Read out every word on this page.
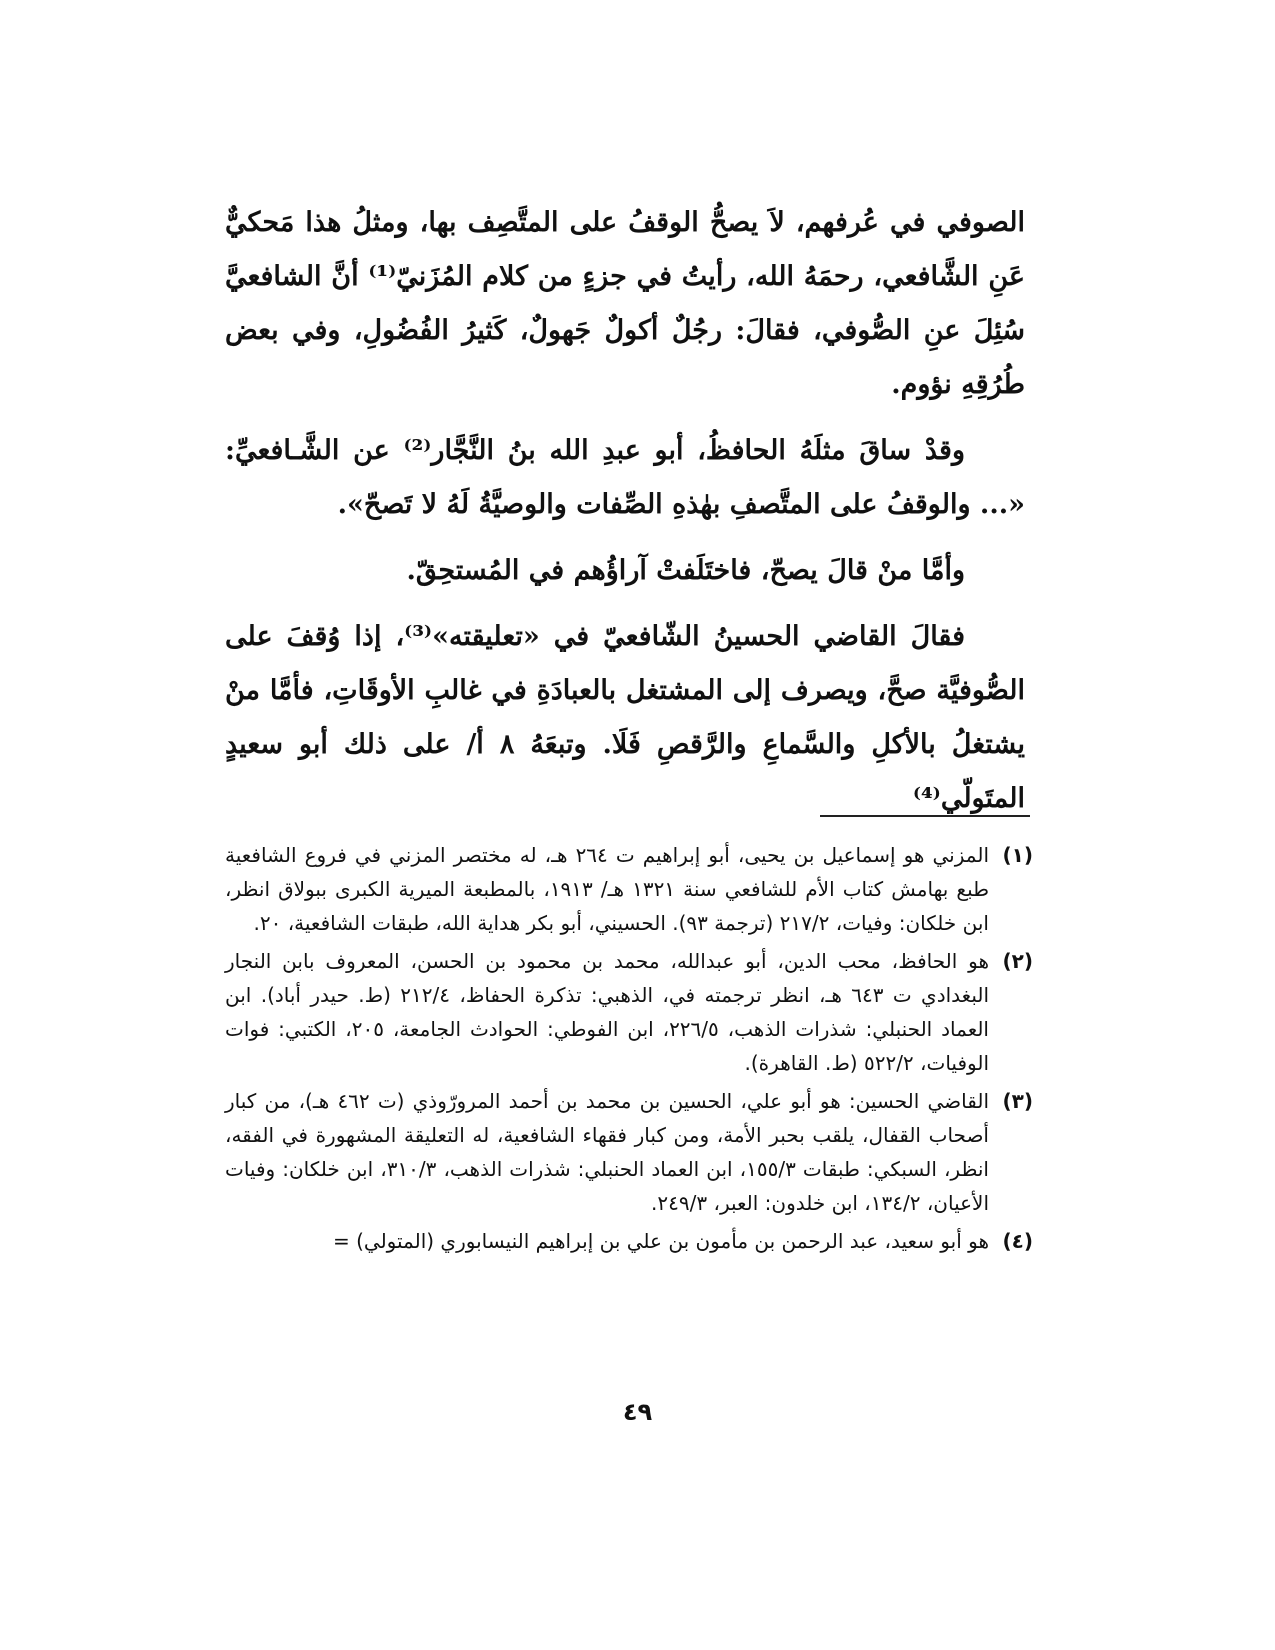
الصوفي في عُرفهم، لاَ يصحُّ الوقفُ على المتَّصِف بها، ومثلُ هذا مَحكيٌّ عَنِ الشَّافعي، رحمَهُ الله، رأيتُ في جزءٍ من كلام المُزَنيّ⁽¹⁾ أنَّ الشافعيَّ سُئِلَ عنِ الصُّوفي، فقالَ: رجُلٌ أكولٌ جَهولٌ، كَثيرُ الفُضُولِ، وفي بعض طُرُقِهِ نؤوم.

وقدْ ساقَ مثلَهُ الحافظُ، أبو عبدِ الله بنُ النَّجَّار⁽²⁾ عن الشَّـافعيِّ: «... والوقفُ على المتَّصفِ بهٰذهِ الصِّفات والوصيَّةُ لَهُ لا تَصحّ».

وأمَّا منْ قالَ يصحّ، فاختَلَفتْ آراؤُهم في المُستحِقّ.

فقالَ القاضي الحسينُ الشّافعيّ في «تعليقته»⁽³⁾، إذا وُقفَ على الصُّوفيَّة صحَّ، ويصرف إلى المشتغل بالعبادَةِ في غالبِ الأوقَاتِ، فأمَّا منْ يشتغلُ بالأكلِ والسَّماعِ والرَّقصِ فَلَا. وتبعَهُ ٨ أ/ على ذلك أبو سعيدٍ المتَولّي⁽⁴⁾

(١)
المزني هو إسماعيل بن يحيى، أبو إبراهيم ت ٢٦٤ هـ، له مختصر المزني في فروع الشافعية طبع بهامش كتاب الأم للشافعي سنة ١٣٢١ هـ/ ١٩١٣، بالمطبعة الميرية الكبرى ببولاق انظر، ابن خلكان: وفيات، ٢١٧/٢ (ترجمة ٩٣). الحسيني، أبو بكر هداية الله، طبقات الشافعية، ٢٠.
(٢)
هو الحافظ، محب الدين، أبو عبدالله، محمد بن محمود بن الحسن، المعروف بابن النجار البغدادي ت ٦٤٣ هـ، انظر ترجمته في، الذهبي: تذكرة الحفاظ، ٢١٢/٤ (ط. حيدر أباد). ابن العماد الحنبلي: شذرات الذهب، ٢٢٦/٥، ابن الفوطي: الحوادث الجامعة، ٢٠٥، الكتبي: فوات الوفيات، ٥٢٢/٢ (ط. القاهرة).
(٣)
القاضي الحسين: هو أبو علي، الحسين بن محمد بن أحمد المرورّوذي (ت ٤٦٢ هـ)، من كبار أصحاب القفال، يلقب بحبر الأمة، ومن كبار فقهاء الشافعية، له التعليقة المشهورة في الفقه، انظر، السبكي: طبقات ١٥٥/٣، ابن العماد الحنبلي: شذرات الذهب، ٣١٠/٣، ابن خلكان: وفيات الأعيان، ١٣٤/٢، ابن خلدون: العبر، ٢٤٩/٣.
(٤)
هو أبو سعيد، عبد الرحمن بن مأمون بن علي بن إبراهيم النيسابوري (المتولي) =
٤٩
